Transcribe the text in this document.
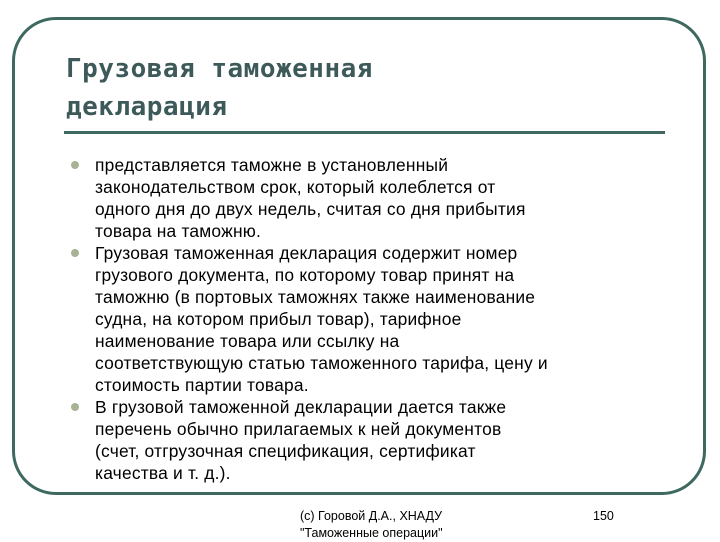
Грузовая таможенная
декларация
представляется таможне в установленный
законодательством срок, который колеблется от
одного дня до двух недель, считая со дня прибытия
товара на таможню.
Грузовая таможенная декларация содержит номер
грузового документа, по которому товар принят на
таможню (в портовых таможнях также наименование
судна, на котором прибыл товар), тарифное
наименование товара или ссылку на
соответствующую статью таможенного тарифа, цену и
стоимость партии товара.
В грузовой таможенной декларации дается также
перечень обычно прилагаемых к ней документов
(счет, отгрузочная спецификация, сертификат
качества и т. д.).
(c) Горовой Д.А., ХНАДУ
"Таможенные операции"
150
